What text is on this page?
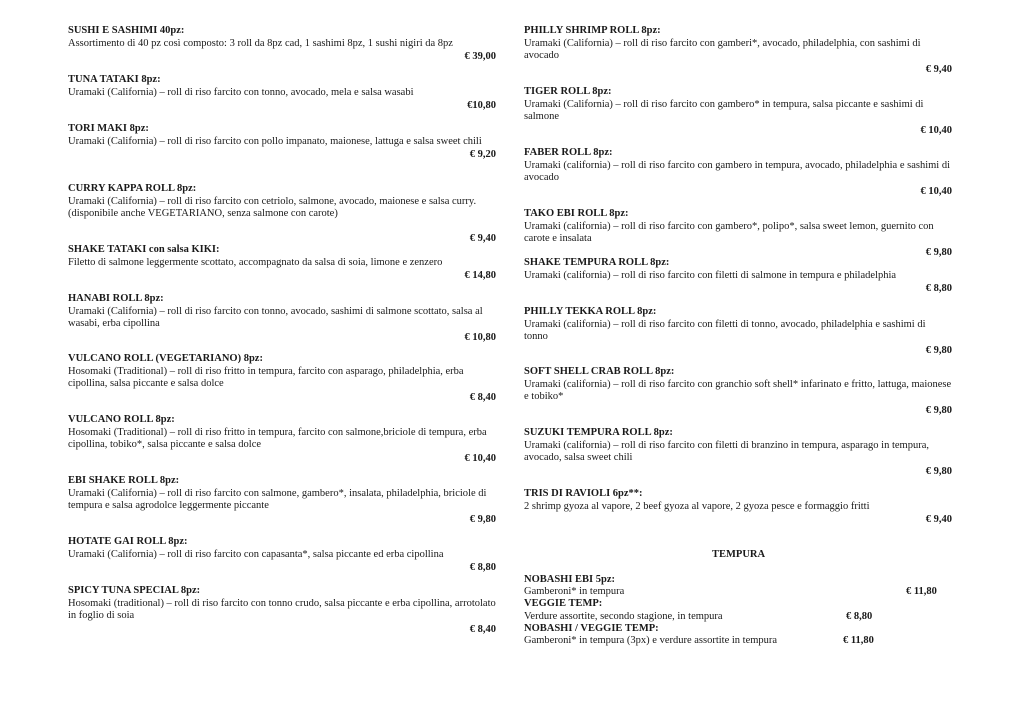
SUSHI E SASHIMI 40pz:
Assortimento di 40 pz così composto: 3 roll da 8pz cad, 1 sashimi 8pz, 1 sushi nigiri da 8pz
€ 39,00
TUNA TATAKI 8pz:
Uramaki (California) – roll di riso farcito con tonno, avocado, mela e salsa wasabi
€10,80
TORI MAKI 8pz:
Uramaki (California) – roll di riso farcito con pollo impanato, maionese, lattuga e salsa sweet chili
€ 9,20
CURRY KAPPA ROLL 8pz:
Uramaki (California) – roll di riso farcito con cetriolo, salmone, avocado, maionese e salsa curry. (disponibile anche VEGETARIANO, senza salmone con carote)
€ 9,40
SHAKE TATAKI con salsa KIKI:
Filetto di salmone leggermente scottato, accompagnato da salsa di soia, limone e zenzero
€ 14,80
HANABI ROLL 8pz:
Uramaki (California) – roll di riso farcito con tonno, avocado, sashimi di salmone scottato, salsa al wasabi, erba cipollina
€ 10,80
VULCANO ROLL (VEGETARIANO) 8pz:
Hosomaki (Traditional) – roll di riso fritto in tempura, farcito con asparago, philadelphia, erba cipollina, salsa piccante e salsa dolce
€ 8,40
VULCANO ROLL 8pz:
Hosomaki (Traditional) – roll di riso fritto in tempura, farcito con salmone,briciole di tempura, erba cipollina, tobiko*, salsa piccante e salsa dolce
€ 10,40
EBI SHAKE ROLL 8pz:
Uramaki (California) – roll di riso farcito con salmone, gambero*, insalata, philadelphia, briciole di tempura e salsa agrodolce leggermente piccante
€ 9,80
HOTATE GAI ROLL 8pz:
Uramaki (California) – roll di riso farcito con capasanta*, salsa piccante ed erba cipollina
€ 8,80
SPICY TUNA SPECIAL 8pz:
Hosomaki (traditional) – roll di riso farcito con tonno crudo, salsa piccante e erba cipollina, arrotolato in foglio di soia
€ 8,40
PHILLY SHRIMP ROLL 8pz:
Uramaki (California) – roll di riso farcito con gamberi*, avocado, philadelphia, con sashimi di avocado
€ 9,40
TIGER ROLL 8pz:
Uramaki (California) – roll di riso farcito con gambero* in tempura, salsa piccante e sashimi di salmone
€ 10,40
FABER ROLL 8pz:
Uramaki (california) – roll di riso farcito con gambero in tempura, avocado, philadelphia e sashimi di avocado
€ 10,40
TAKO EBI ROLL 8pz:
Uramaki (california) – roll di riso farcito con gambero*, polipo*, salsa sweet lemon, guernito con carote e insalata
€ 9,80
SHAKE TEMPURA ROLL 8pz:
Uramaki (california) – roll di riso farcito con filetti di salmone in tempura e philadelphia
€ 8,80
PHILLY TEKKA ROLL 8pz:
Uramaki (california) – roll di riso farcito con filetti di tonno, avocado, philadelphia e sashimi di tonno
€ 9,80
SOFT SHELL CRAB ROLL 8pz:
Uramaki (california) – roll di riso farcito con granchio soft shell* infarinato e fritto, lattuga, maionese e tobiko*
€ 9,80
SUZUKI TEMPURA ROLL 8pz:
Uramaki (california) – roll di riso farcito con filetti di branzino in tempura, asparago in tempura, avocado, salsa sweet chili
€ 9,80
TRIS DI RAVIOLI 6pz**:
2 shrimp gyoza al vapore, 2 beef gyoza al vapore, 2 gyoza pesce e formaggio fritti
€ 9,40
TEMPURA
NOBASHI EBI 5pz:
Gamberoni* in tempura	€ 11,80
VEGGIE TEMP:
Verdure assortite, secondo stagione, in tempura	€ 8,80
NOBASHI / VEGGIE TEMP:
Gamberoni* in tempura (3px) e verdure assortite in tempura	€ 11,80
